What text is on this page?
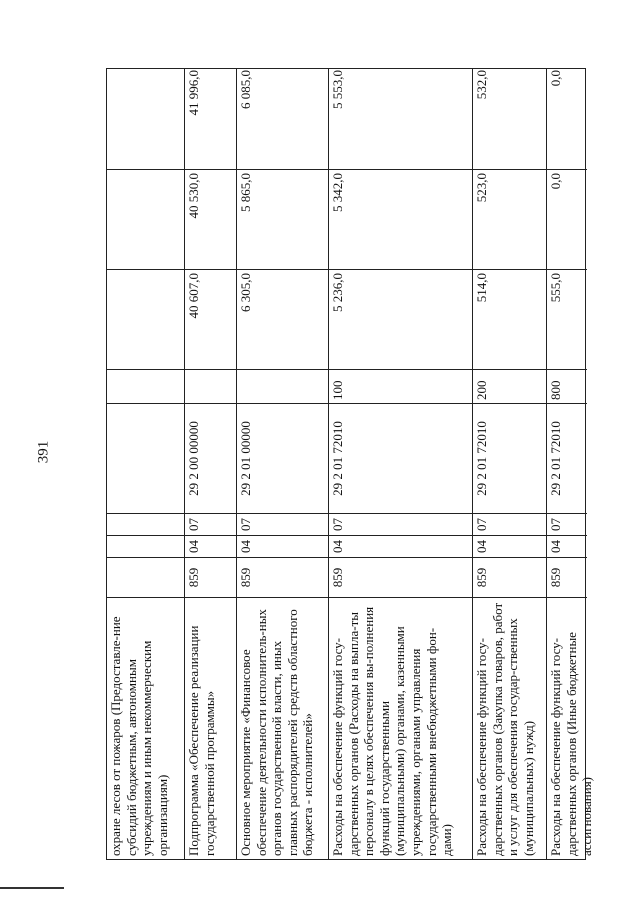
391
охране лесов от пожаров (Предоставле-ние субсидий бюджетным, автономным учреждениям и иным некоммерческим организациям)	Подпрограмма «Обеспечение реализации государственной программы»
859
04
07
29 2 00 00000
40 607,0
40 530,0
41 996,0
Основное мероприятие «Финансовое обеспечение деятельности исполнитель-ных органов государственной власти, иных главных распорядителей средств областного бюджета - исполнителей»
859
04
07
29 2 01 00000
6 305,0
5 865,0
6 085,0
Расходы на обеспечение функций госу-дарственных органов (Расходы на выпла-ты персоналу в целях обеспечения вы-полнения функций государственными (муниципальными) органами, казенными учреждениями, органами управления государственными внебюджетными фон-дами)
859
04
07
29 2 01 72010
100
5 236,0
5 342,0
5 553,0
Расходы на обеспечение функций госу-дарственных органов (Закупка товаров, работ и услуг для обеспечения государ-ственных (муниципальных) нужд)
859
04
07
29 2 01 72010
200
514,0
523,0
532,0
Расходы на обеспечение функций госу-дарственных органов (Иные бюджетные ассигнования)
859
04
07
29 2 01 72010
800
555,0
0,0
0,0
